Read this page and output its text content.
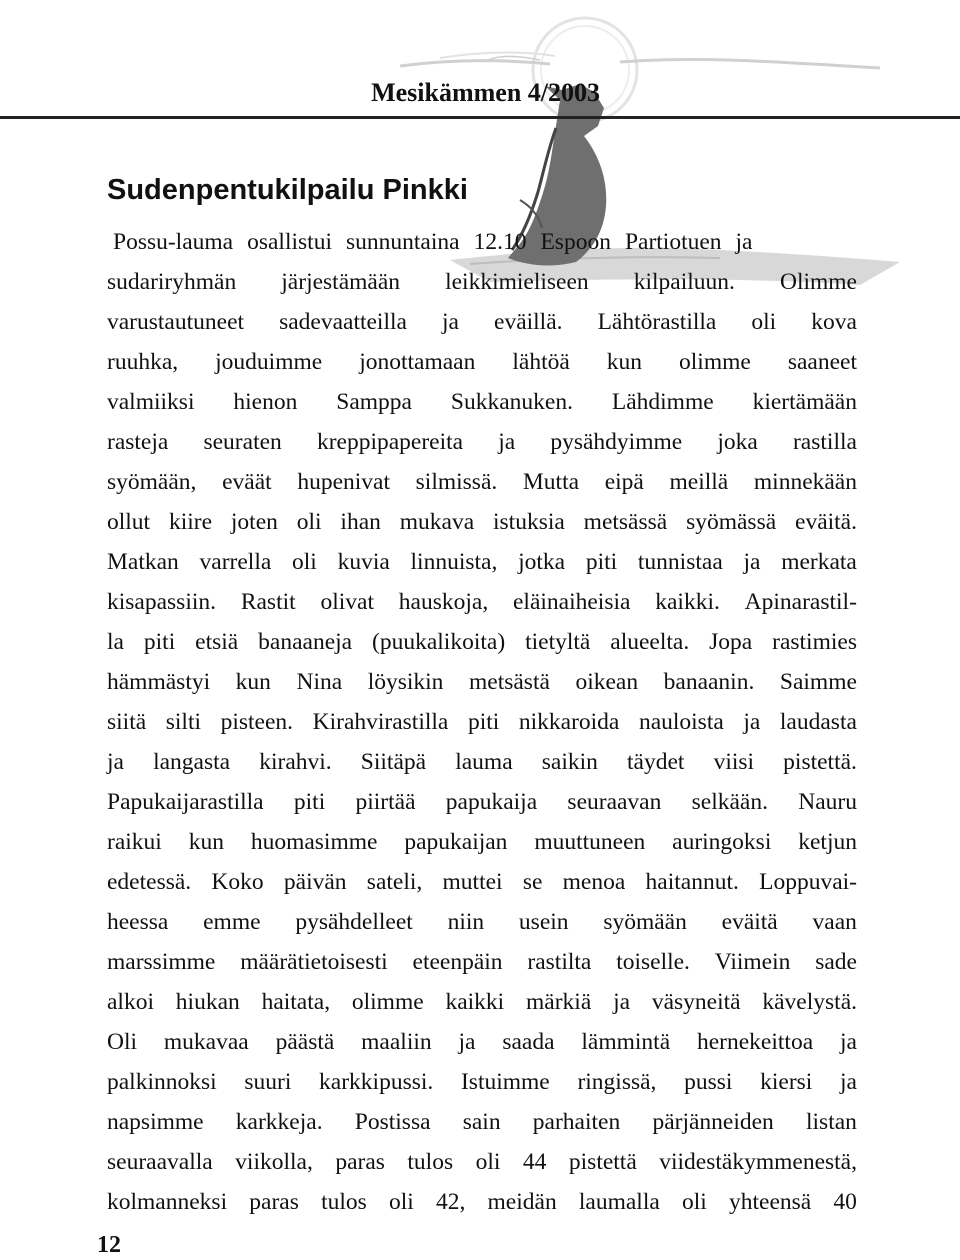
Mesikämmen 4/2003
Sudenpentukilpailu Pinkki
Possu-lauma osallistui sunnuntaina 12.10 Espoon Partiotuen ja
sudariryhmän järjestämään leikkimieliseen kilpailuun. Olimme
varustautuneet sadevaatteilla ja eväillä. Lähtörastilla oli kova
ruuhka, jouduimme jonottamaan lähtöä kun olimme saaneet
valmiiksi hienon Samppa Sukkanuken. Lähdimme kiertämään
rasteja seuraten kreppipapereita ja pysähdyimme joka rastilla
syömään, eväät hupenivat silmissä. Mutta eipä meillä minnekään
ollut kiire joten oli ihan mukava istuksia metsässä syömässä eväitä.
Matkan varrella oli kuvia linnuista, jotka piti tunnistaa ja merkata
kisapassiin. Rastit olivat hauskoja, eläinaiheisia kaikki. Apinarastil-
la piti etsiä banaaneja (puukalikoita) tietyltä alueelta. Jopa rastimies
hämmästyi kun Nina löysikin metsästä oikean banaanin. Saimme
siitä silti pisteen. Kirahvirastilla piti nikkaroida nauloista ja laudasta
ja langasta kirahvi. Siitäpä lauma saikin täydet viisi pistettä.
Papukaijarastilla piti piirtää papukaija seuraavan selkään. Nauru
raikui kun huomasimme papukaijan muuttuneen auringoksi ketjun
edetessä. Koko päivän sateli, muttei se menoa haitannut. Loppuvai-
heessa emme pysähdelleet niin usein syömään eväitä vaan
marssimme määrätietoisesti eteenpäin rastilta toiselle. Viimein sade
alkoi hiukan haitata, olimme kaikki märkiä ja väsyneitä kävelystä.
Oli mukavaa päästä maaliin ja saada lämmintä hernekeittoa ja
palkinnoksi suuri karkkipussi. Istuimme ringissä, pussi kiersi ja
napsimme karkkeja. Postissa sain parhaiten pärjänneiden listan
seuraavalla viikolla, paras tulos oli 44 pistettä viidestäkymmenestä,
kolmanneksi paras tulos oli 42, meidän laumalla oli yhteensä 40
12
